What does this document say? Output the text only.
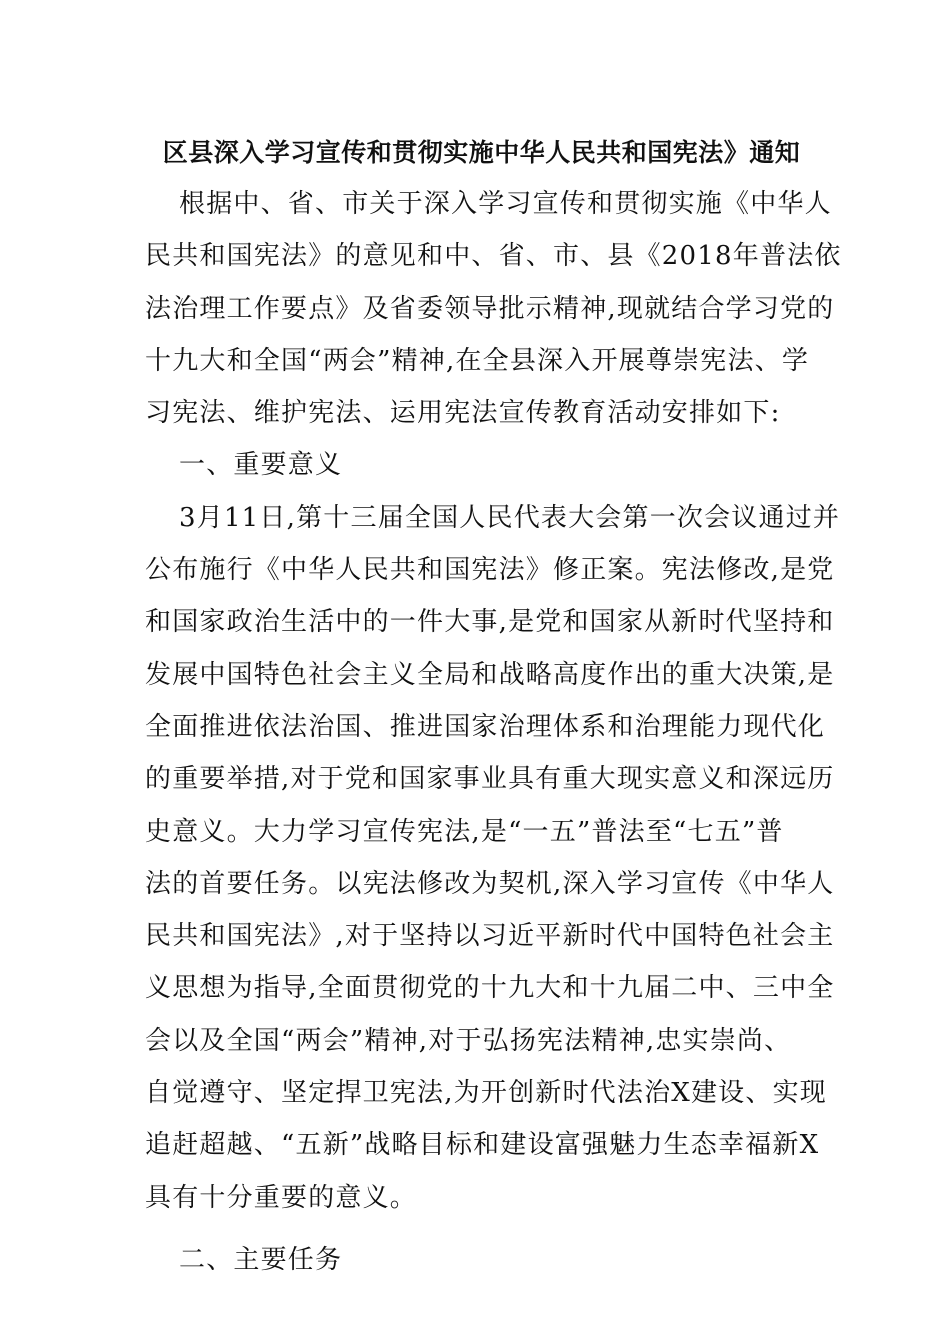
区县深入学习宣传和贯彻实施中华人民共和国宪法》通知
根据中、省、市关于深入学习宣传和贯彻实施《中华人
民共和国宪法》的意见和中、省、市、县《2018年普法依
法治理工作要点》及省委领导批示精神,现就结合学习党的
十九大和全国“两会”精神,在全县深入开展尊崇宪法、学
习宪法、维护宪法、运用宪法宣传教育活动安排如下:
一、重要意义
3月11日,第十三届全国人民代表大会第一次会议通过并
公布施行《中华人民共和国宪法》修正案。宪法修改,是党
和国家政治生活中的一件大事,是党和国家从新时代坚持和
发展中国特色社会主义全局和战略高度作出的重大决策,是
全面推进依法治国、推进国家治理体系和治理能力现代化
的重要举措,对于党和国家事业具有重大现实意义和深远历
史意义。大力学习宣传宪法,是“一五”普法至“七五”普
法的首要任务。以宪法修改为契机,深入学习宣传《中华人
民共和国宪法》,对于坚持以习近平新时代中国特色社会主
义思想为指导,全面贯彻党的十九大和十九届二中、三中全
会以及全国“两会”精神,对于弘扬宪法精神,忠实崇尚、
自觉遵守、坚定捍卫宪法,为开创新时代法治X建设、实现
追赶超越、“五新”战略目标和建设富强魅力生态幸福新X
具有十分重要的意义。
二、主要任务
